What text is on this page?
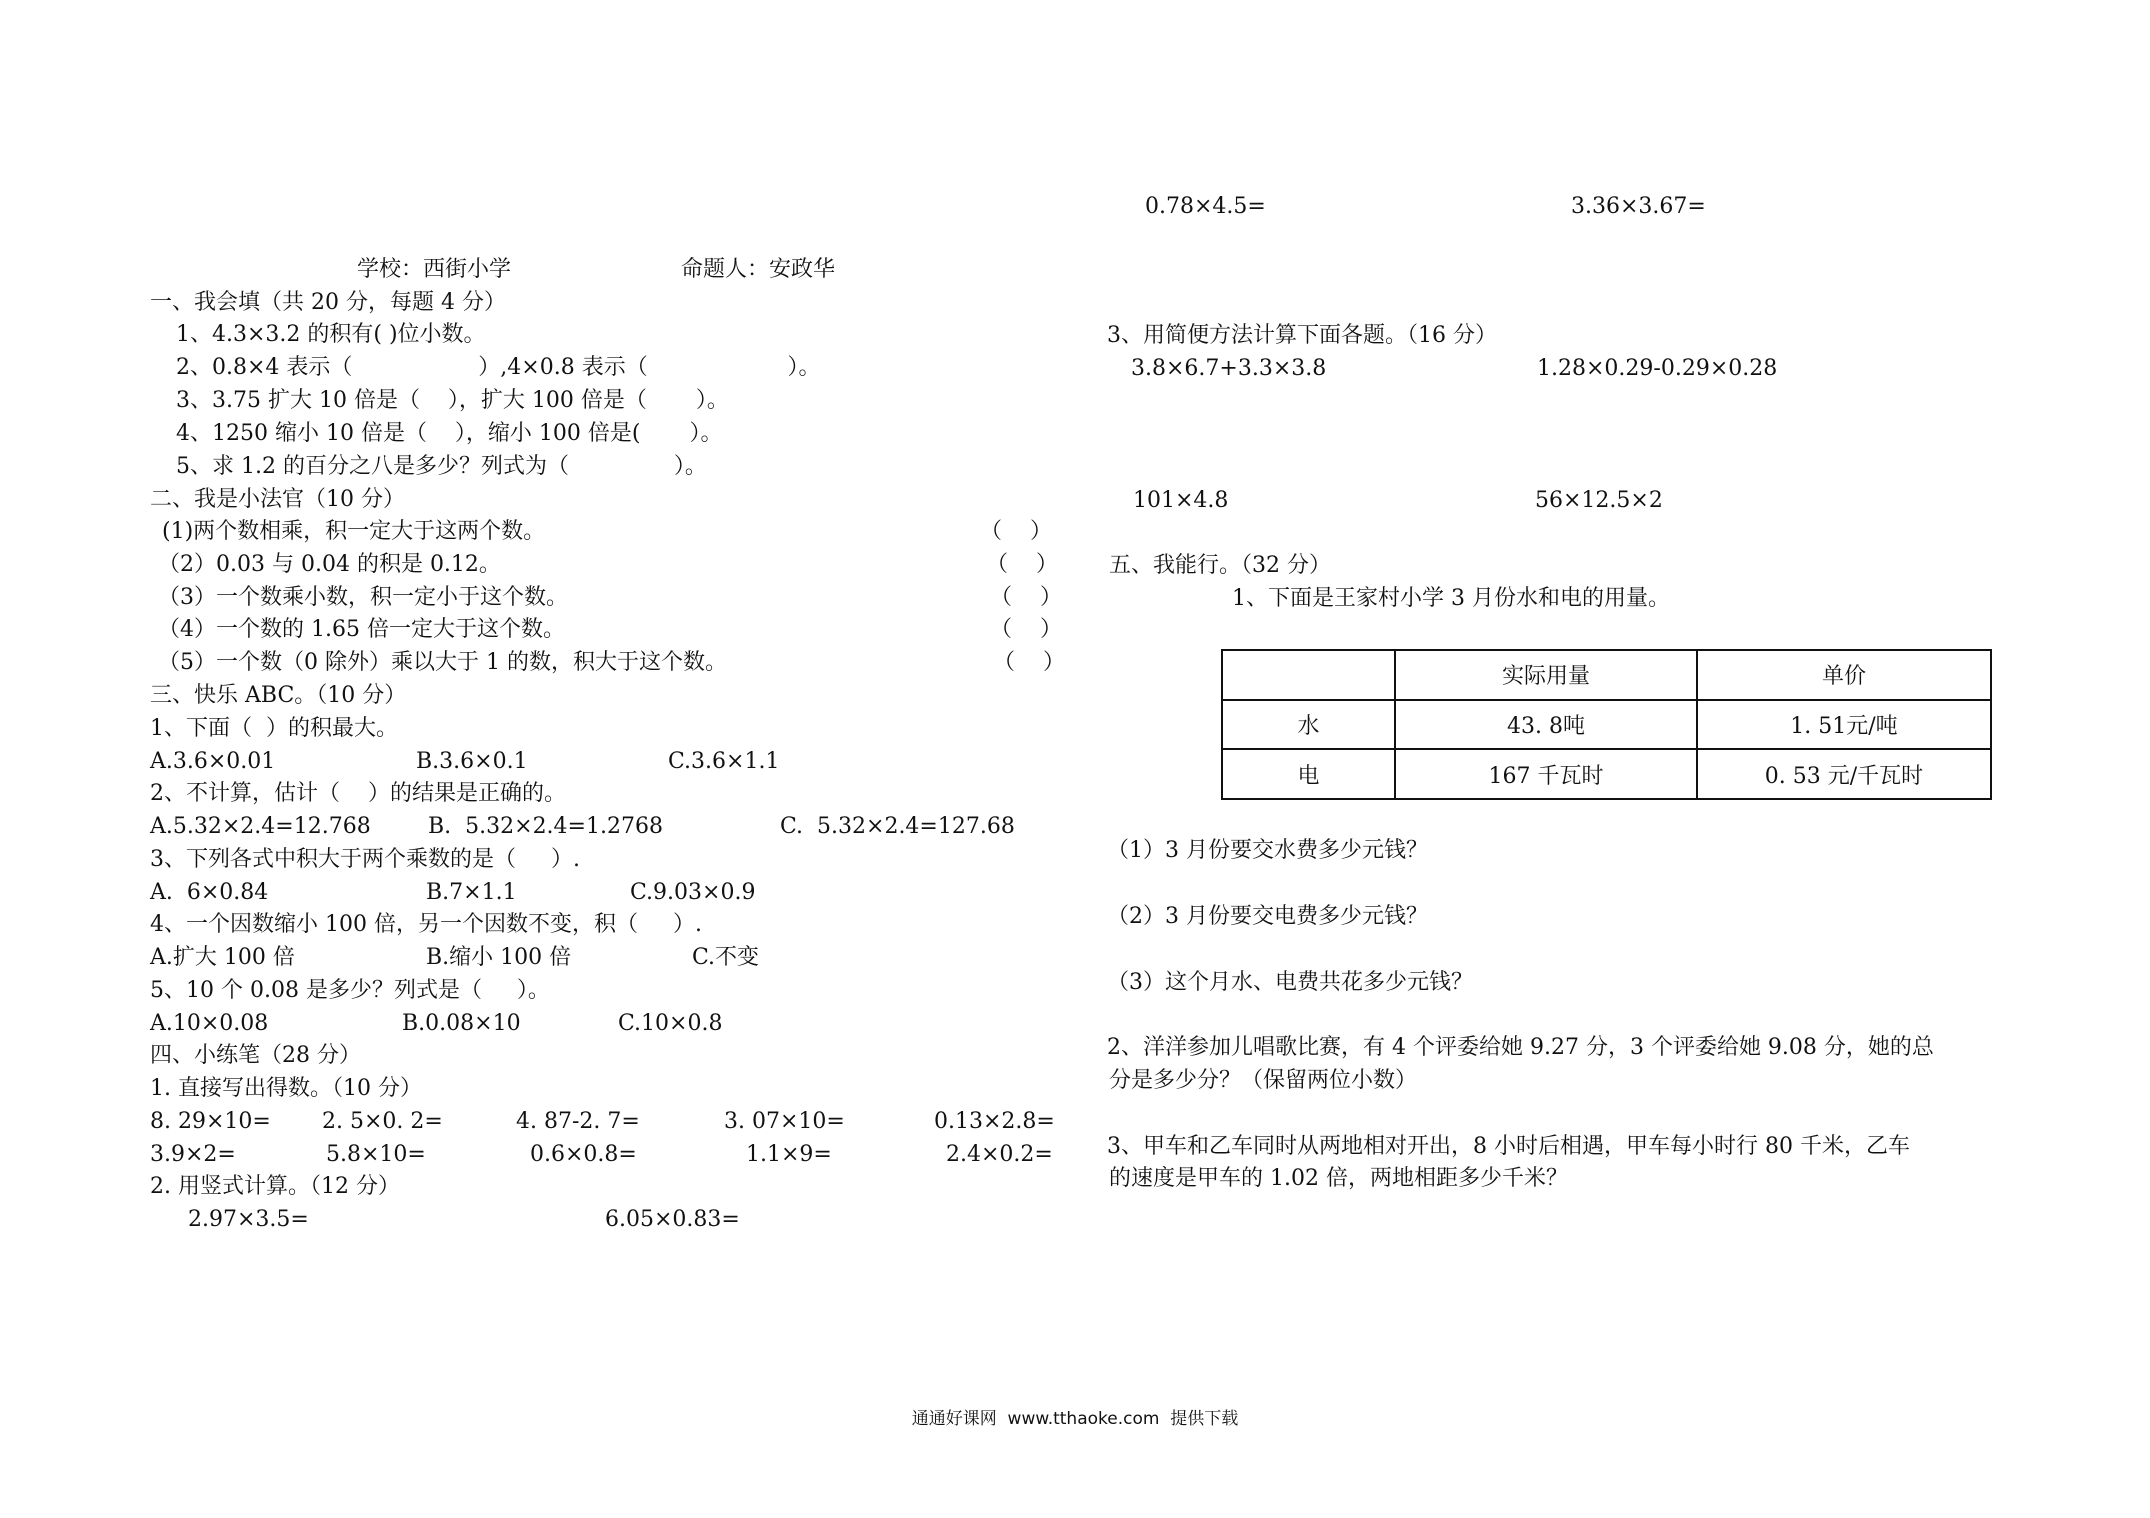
学校：西街小学	命题人：安政华
一、我会填（共 20 分，每题 4 分）
1、4.3×3.2 的积有( )位小数。
2、0.8×4 表示（                  ）,4×0.8 表示（                    ）。
3、3.75 扩大 10 倍是（    ），扩大 100 倍是（       ）。
4、1250 缩小 10 倍是（    ），缩小 100 倍是(       ）。
5、求 1.2 的百分之八是多少？列式为（               ）。
二、我是小法官（10 分）
(1)两个数相乘，积一定大于这两个数。	（    ）
（2）0.03 与 0.04 的积是 0.12。	（    ）
（3）一个数乘小数，积一定小于这个数。	（    ）
（4）一个数的 1.65 倍一定大于这个数。	（    ）
（5）一个数（0 除外）乘以大于 1 的数，积大于这个数。	（    ）
三、快乐 ABC。（10 分）
1、下面（  ）的积最大。
A.3.6×0.01	B.3.6×0.1	C.3.6×1.1
2、不计算，估计（    ）的结果是正确的。
A.5.32×2.4=12.768	B.  5.32×2.4=1.2768	C.  5.32×2.4=127.68
3、下列各式中积大于两个乘数的是（     ）.
A.  6×0.84	B.7×1.1	C.9.03×0.9
4、一个因数缩小 100 倍，另一个因数不变，积（     ）.
A.扩大 100 倍	B.缩小 100 倍	C.不变
5、10 个 0.08 是多少？列式是（     ）。
A.10×0.08	B.0.08×10	C.10×0.8
四、小练笔（28 分）
1. 直接写出得数。（10 分）
8. 29×10= 2. 5×0. 2=	4. 87-2. 7=	3. 07×10=	0.13×2.8=
3.9×2=	5.8×10=	0.6×0.8=	1.1×9=	2.4×0.2=
2. 用竖式计算。（12 分）
2.97×3.5=	6.05×0.83=
0.78×4.5=	3.36×3.67=
3、用简便方法计算下面各题。（16 分）
3.8×6.7+3.3×3.8	1.28×0.29-0.29×0.28
101×4.8	56×12.5×2
五、我能行。（32 分）
1、下面是王家村小学 3 月份水和电的用量。
	实际用量	单价
水	43. 8吨	1. 51元/吨
电	167 千瓦时	0. 53 元/千瓦时
（1）3 月份要交水费多少元钱？
（2）3 月份要交电费多少元钱？
（3）这个月水、电费共花多少元钱？
2、洋洋参加儿唱歌比赛，有 4 个评委给她 9.27 分，3 个评委给她 9.08 分，她的总
分是多少分？（保留两位小数）
3、甲车和乙车同时从两地相对开出，8 小时后相遇，甲车每小时行 80 千米，乙车
的速度是甲车的 1.02 倍，两地相距多少千米？
通通好课网  www.tthaoke.com  提供下载
